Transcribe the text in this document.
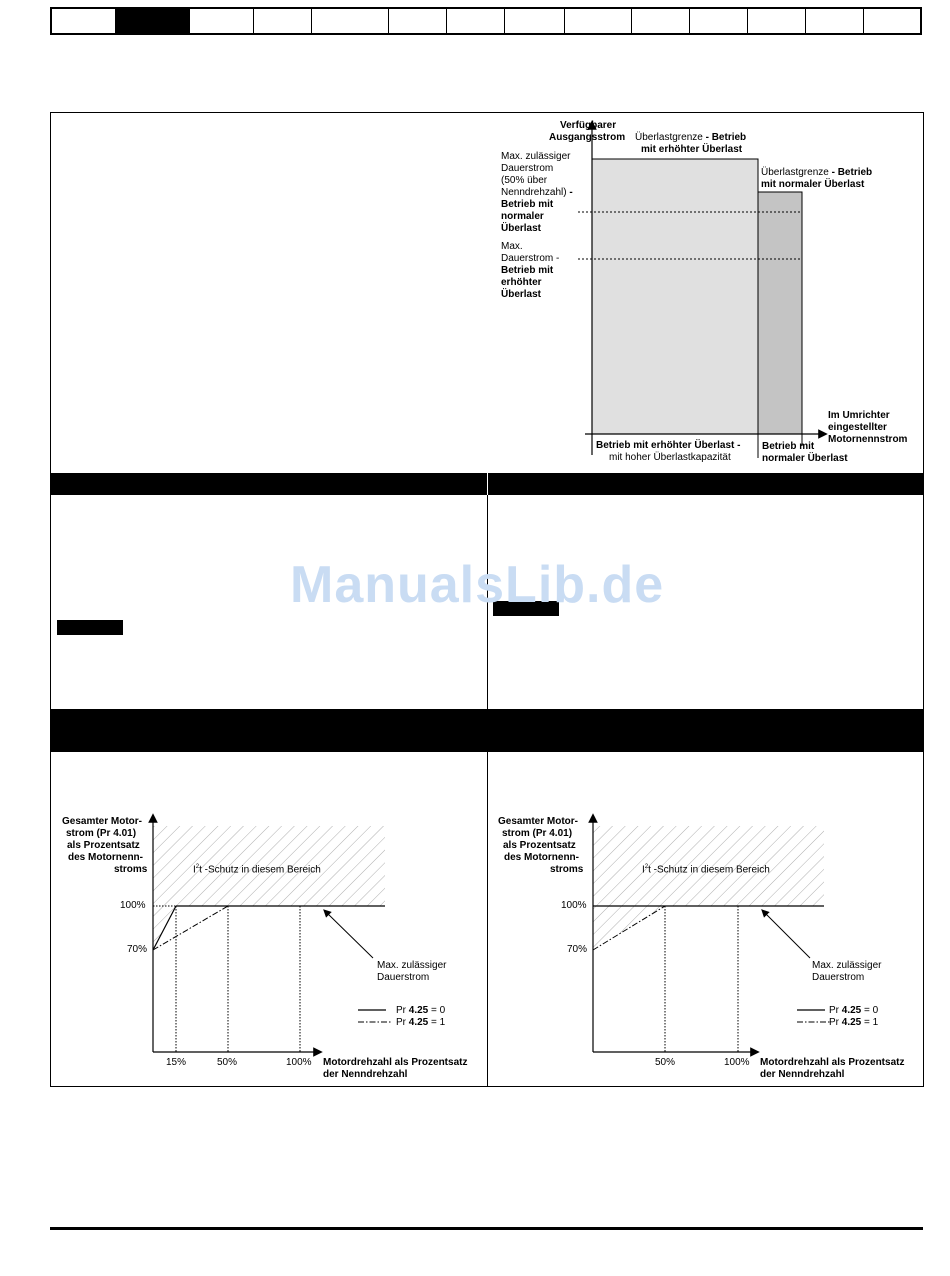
Verfügbarer
Ausgangsstrom Überlastgrenze - Betrieb
mit erhöhter Überlast
Überlastgrenze - Betrieb
mit normaler Überlast
Max. zulässiger
Dauerstrom
(50% über
Nenndrehzahl) -
Betrieb mit
normaler
Überlast
Max.
Dauerstrom -
Betrieb mit
erhöhter
Überlast
Im Umrichter
eingestellter
Motornennstrom
Betrieb mit erhöhter Überlast -
mit hoher Überlastkapazität
Betrieb mit
normaler Überlast
ManualsLib.de
Gesamter Motor-
strom (Pr 4.01)
als Prozentsatz
des Motornenn-
stroms	$I^2t$ -Schutz in diesem Bereich
100%
70%
15%	50%	100% Motordrehzahl als Prozentsatz
der Nenndrehzahl
Max. zulässiger
Dauerstrom
Pr 4.25 = 0
Pr 4.25 = 1
Gesamter Motor-
strom (Pr 4.01)
als Prozentsatz
des Motornenn-
stroms	$I^2t$ -Schutz in diesem Bereich
100%
70%
50%	100% Motordrehzahl als Prozentsatz
der Nenndrehzahl
Max. zulässiger
Dauerstrom
Pr 4.25 = 0
Pr 4.25 = 1
